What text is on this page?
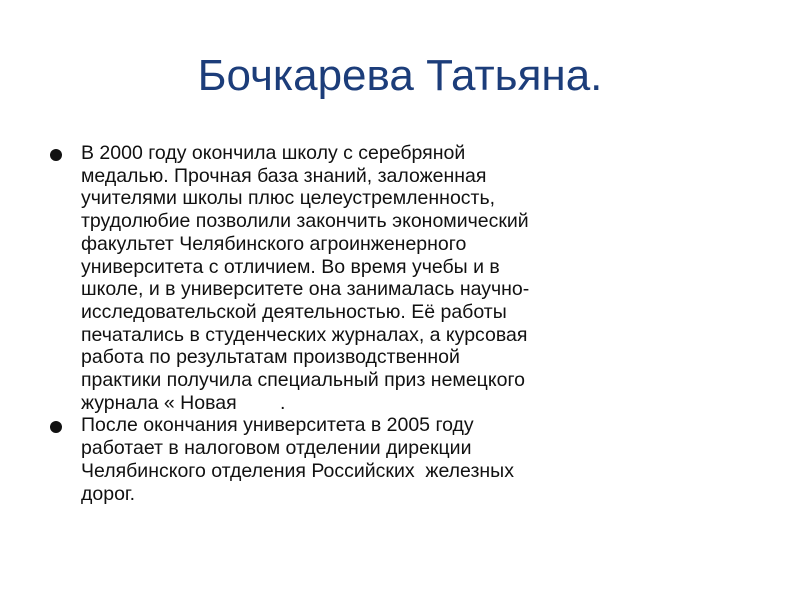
Бочкарева Татьяна.
В 2000 году окончила школу с серебряной
медалью. Прочная база знаний, заложенная
учителями школы плюс целеустремленность,
трудолюбие позволили закончить экономический
факультет Челябинского агроинженерного
университета с отличием. Во время учебы и в
школе, и в университете она занималась научно-
исследовательской деятельностью. Её работы
печатались в студенческих журналах, а курсовая
работа по результатам производственной
практики получила специальный приз немецкого
журнала « Новая        .
После окончания университета в 2005 году
работает в налоговом отделении дирекции
Челябинского отделения Российских  железных
дорог.
